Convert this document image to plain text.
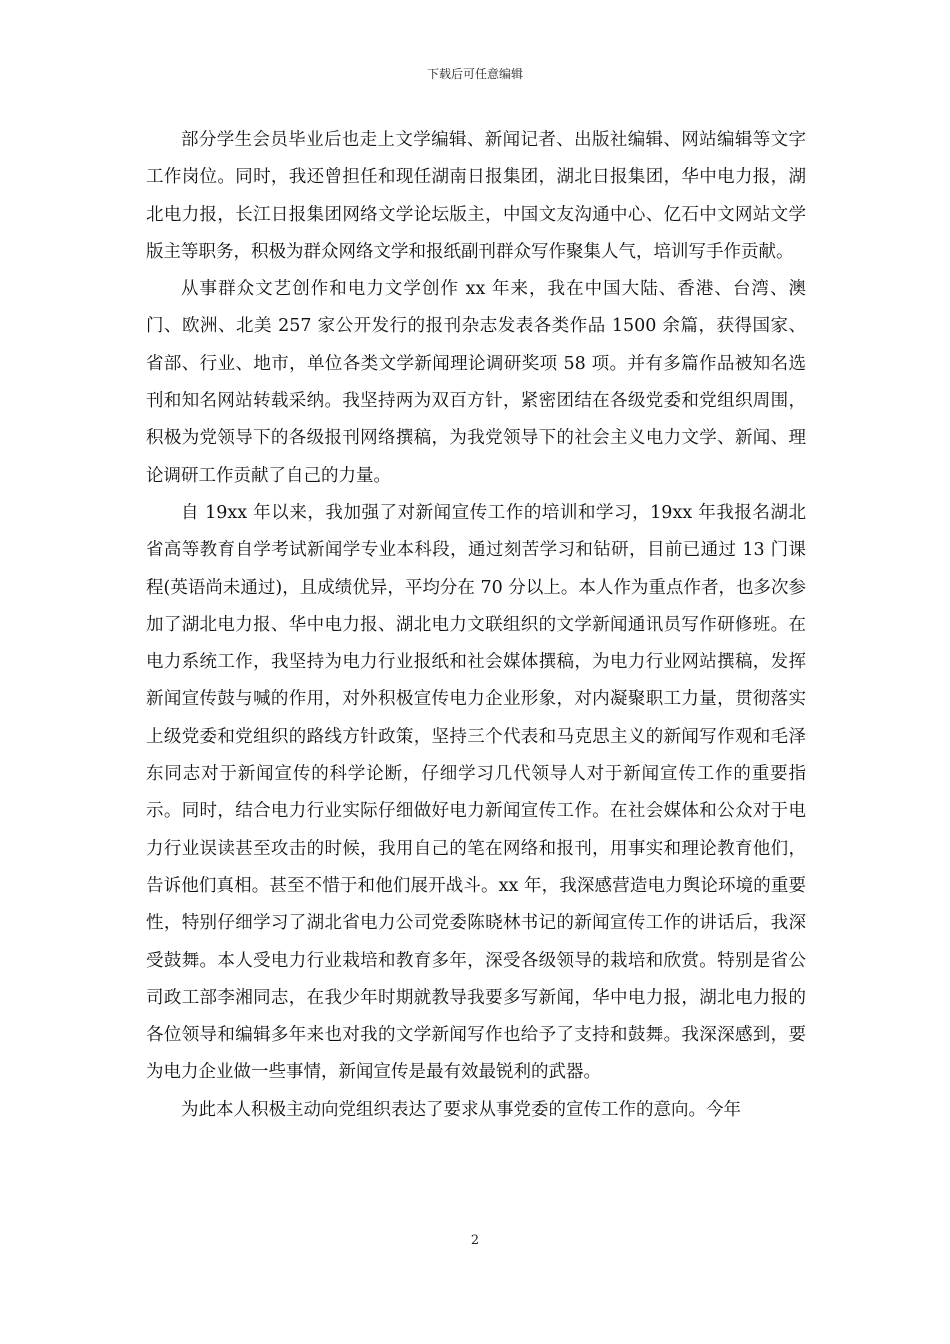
下载后可任意编辑

部分学生会员毕业后也走上文学编辑、新闻记者、出版社编辑、网站编辑等文字工作岗位。同时，我还曾担任和现任湖南日报集团，湖北日报集团，华中电力报，湖北电力报，长江日报集团网络文学论坛版主，中国文友沟通中心、亿石中文网站文学版主等职务，积极为群众网络文学和报纸副刊群众写作聚集人气，培训写手作贡献。

从事群众文艺创作和电力文学创作 xx 年来，我在中国大陆、香港、台湾、澳门、欧洲、北美 257 家公开发行的报刊杂志发表各类作品 1500 余篇，获得国家、省部、行业、地市，单位各类文学新闻理论调研奖项 58 项。并有多篇作品被知名选刊和知名网站转载采纳。我坚持两为双百方针，紧密团结在各级党委和党组织周围，积极为党领导下的各级报刊网络撰稿，为我党领导下的社会主义电力文学、新闻、理论调研工作贡献了自己的力量。

自 19xx 年以来，我加强了对新闻宣传工作的培训和学习，19xx 年我报名湖北省高等教育自学考试新闻学专业本科段，通过刻苦学习和钻研，目前已通过 13 门课程(英语尚未通过)，且成绩优异，平均分在 70 分以上。本人作为重点作者，也多次参加了湖北电力报、华中电力报、湖北电力文联组织的文学新闻通讯员写作研修班。在电力系统工作，我坚持为电力行业报纸和社会媒体撰稿，为电力行业网站撰稿，发挥新闻宣传鼓与喊的作用，对外积极宣传电力企业形象，对内凝聚职工力量，贯彻落实上级党委和党组织的路线方针政策，坚持三个代表和马克思主义的新闻写作观和毛泽东同志对于新闻宣传的科学论断，仔细学习几代领导人对于新闻宣传工作的重要指示。同时，结合电力行业实际仔细做好电力新闻宣传工作。在社会媒体和公众对于电力行业误读甚至攻击的时候，我用自己的笔在网络和报刊，用事实和理论教育他们，告诉他们真相。甚至不惜于和他们展开战斗。xx 年，我深感营造电力舆论环境的重要性，特别仔细学习了湖北省电力公司党委陈晓林书记的新闻宣传工作的讲话后，我深受鼓舞。本人受电力行业栽培和教育多年，深受各级领导的栽培和欣赏。特别是省公司政工部李湘同志，在我少年时期就教导我要多写新闻，华中电力报，湖北电力报的各位领导和编辑多年来也对我的文学新闻写作也给予了支持和鼓舞。我深深感到，要为电力企业做一些事情，新闻宣传是最有效最锐利的武器。

为此本人积极主动向党组织表达了要求从事党委的宣传工作的意向。今年

2
